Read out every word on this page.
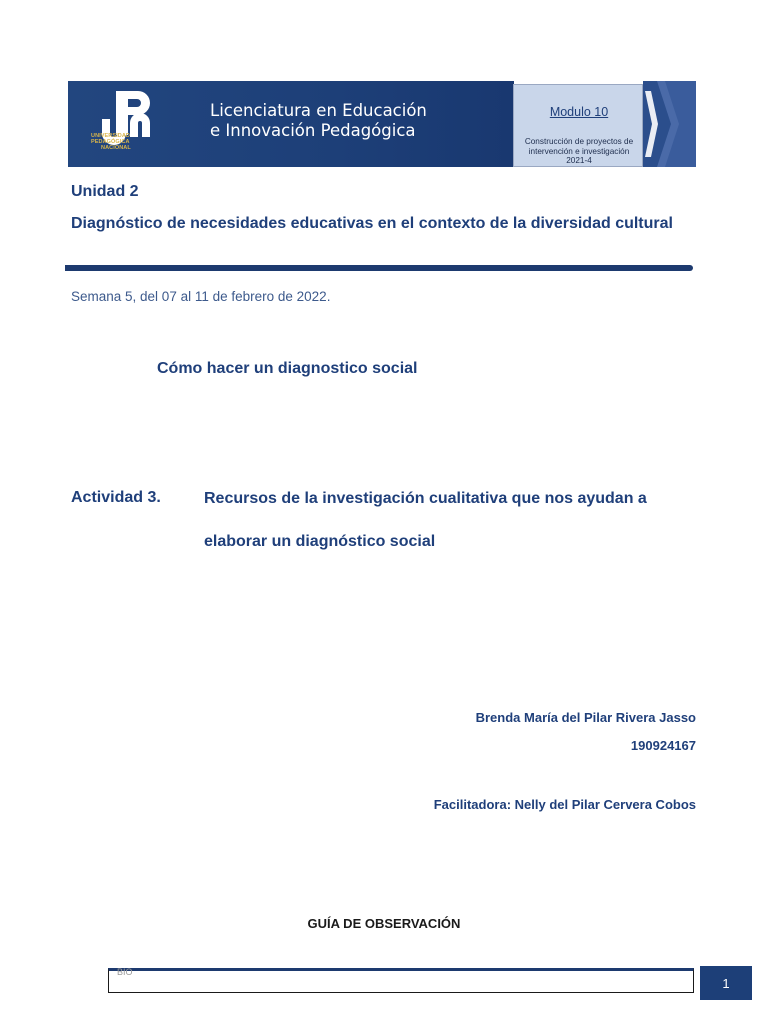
UNIVERSIDAD
PEDAGÓGICA
NACIONAL
Licenciatura en Educación
e Innovación Pedagógica
Modulo 10
Construcción de proyectos de intervención e investigación 2021-4
Unidad 2
Diagnóstico de necesidades educativas en el contexto de la diversidad cultural
Semana 5, del 07 al 11 de febrero de 2022.
Cómo hacer un diagnostico social
Actividad 3.	Recursos de la investigación cualitativa que nos ayudan a elaborar un diagnóstico social
Brenda María del Pilar Rivera Jasso
190924167
Facilitadora: Nelly del Pilar Cervera Cobos
GUÍA DE OBSERVACIÓN
BIO
1
